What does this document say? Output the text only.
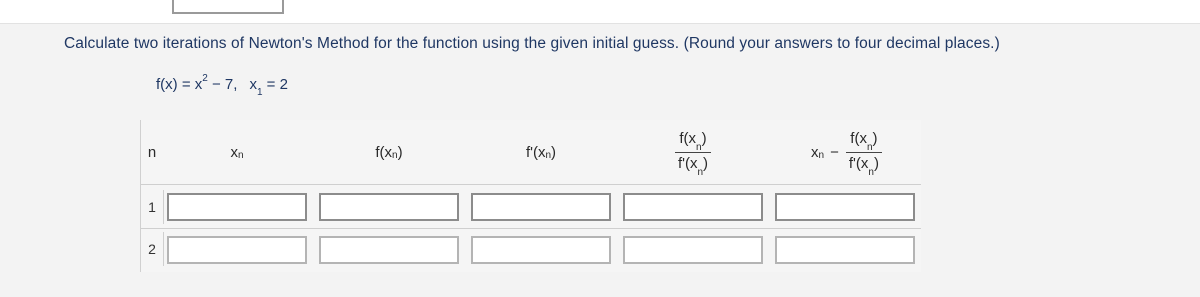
Calculate two iterations of Newton's Method for the function using the given initial guess. (Round your answers to four decimal places.)
$f(x) = x^2 - 7$, $x_1 = 2$
n	$x_n$	$f(x_n$ )	$f'(x_n$ )	$\frac{f(x_n)}{f'(x_n)}$	$x_n - \frac{f(x_n)}{f'(x_n)}$
1
2
